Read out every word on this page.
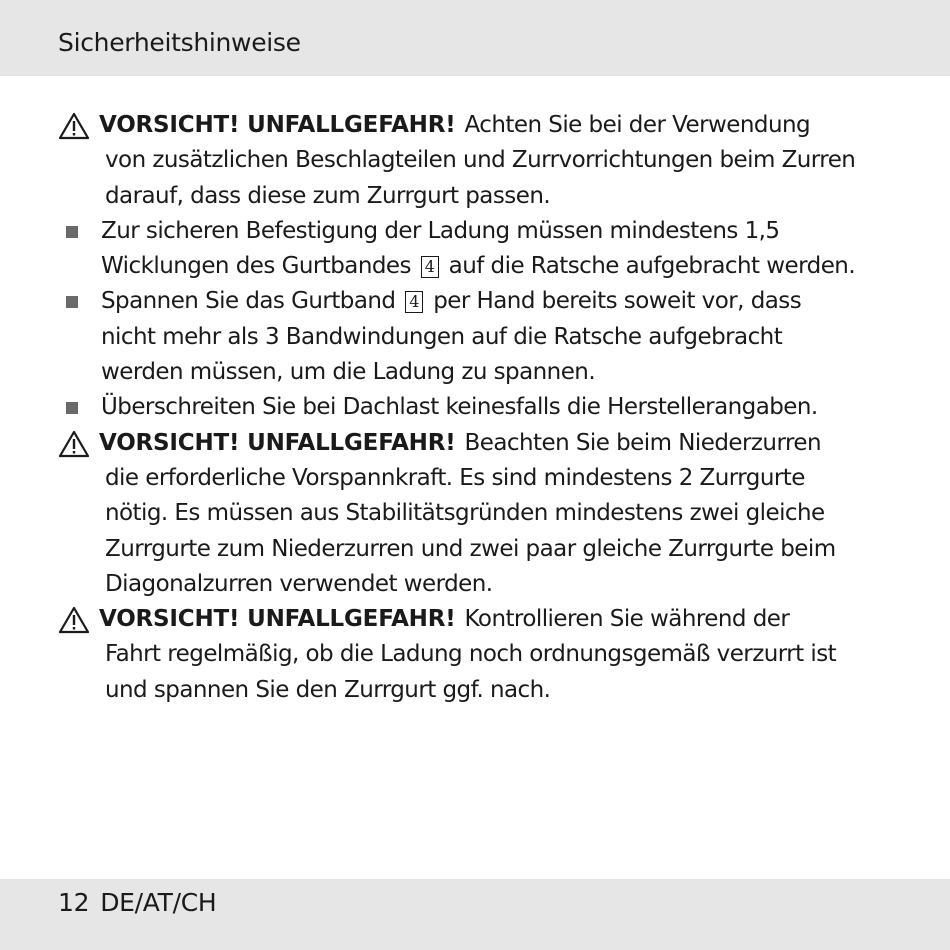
Sicherheitshinweise
VORSICHT! UNFALLGEFAHR! Achten Sie bei der Verwendung
von zusätzlichen Beschlagteilen und Zurrvorrichtungen beim Zurren
darauf, dass diese zum Zurrgurt passen.
Zur sicheren Befestigung der Ladung müssen mindestens 1,5
Wicklungen des Gurtbandes 4 auf die Ratsche aufgebracht werden.
Spannen Sie das Gurtband 4 per Hand bereits soweit vor, dass
nicht mehr als 3 Bandwindungen auf die Ratsche aufgebracht
werden müssen, um die Ladung zu spannen.
Überschreiten Sie bei Dachlast keinesfalls die Herstellerangaben.
VORSICHT! UNFALLGEFAHR! Beachten Sie beim Niederzurren
die erforderliche Vorspannkraft. Es sind mindestens 2 Zurrgurte
nötig. Es müssen aus Stabilitätsgründen mindestens zwei gleiche
Zurrgurte zum Niederzurren und zwei paar gleiche Zurrgurte beim
Diagonalzurren verwendet werden.
VORSICHT! UNFALLGEFAHR! Kontrollieren Sie während der
Fahrt regelmäßig, ob die Ladung noch ordnungsgemäß verzurrt ist
und spannen Sie den Zurrgurt ggf. nach.
12 DE/AT/CH
